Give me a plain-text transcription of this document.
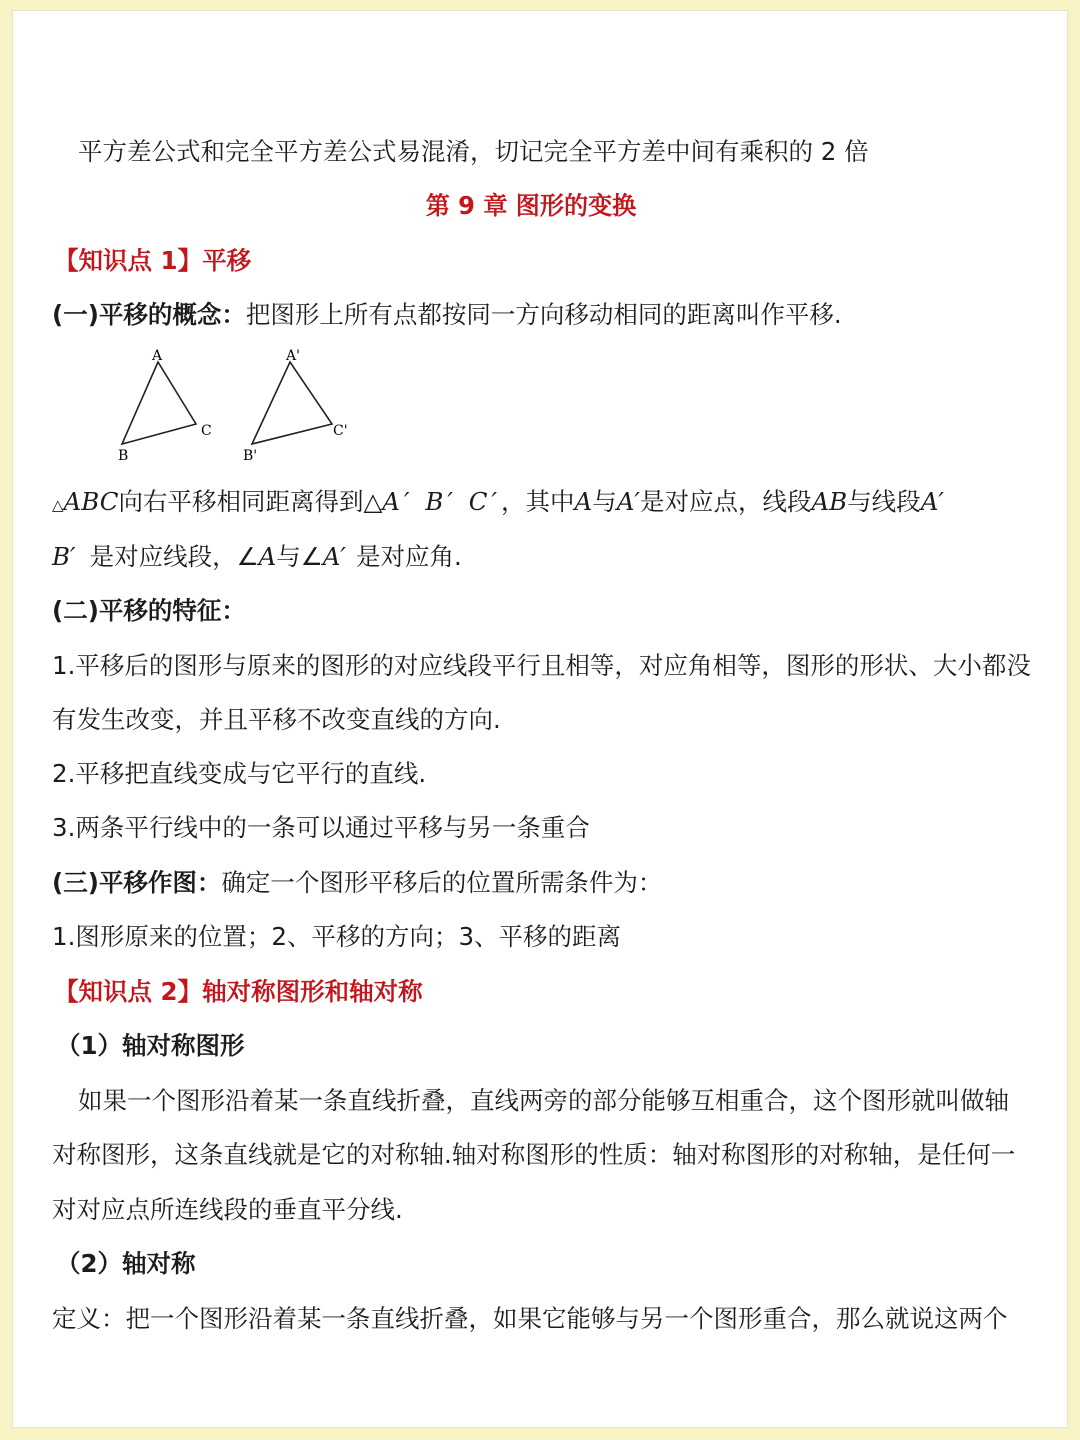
平方差公式和完全平方差公式易混淆，切记完全平方差中间有乘积的 2 倍
第 9 章 图形的变换
【知识点 1】平移
(一)平移的概念：把图形上所有点都按同一方向移动相同的距离叫作平移.
A
B
C
A'
B'
C'
△ABC向右平移相同距离得到△A′ B′ C′，其中A与A′是对应点，线段AB与线段A′
B′ 是对应线段，∠A与∠A′ 是对应角.
(二)平移的特征：
1.平移后的图形与原来的图形的对应线段平行且相等，对应角相等，图形的形状、大小都没
有发生改变，并且平移不改变直线的方向.
2.平移把直线变成与它平行的直线.
3.两条平行线中的一条可以通过平移与另一条重合
(三)平移作图：确定一个图形平移后的位置所需条件为：
1.图形原来的位置；2、平移的方向；3、平移的距离
【知识点 2】轴对称图形和轴对称
（1）轴对称图形
如果一个图形沿着某一条直线折叠，直线两旁的部分能够互相重合，这个图形就叫做轴
对称图形，这条直线就是它的对称轴.轴对称图形的性质：轴对称图形的对称轴，是任何一
对对应点所连线段的垂直平分线.
（2）轴对称
定义：把一个图形沿着某一条直线折叠，如果它能够与另一个图形重合，那么就说这两个
